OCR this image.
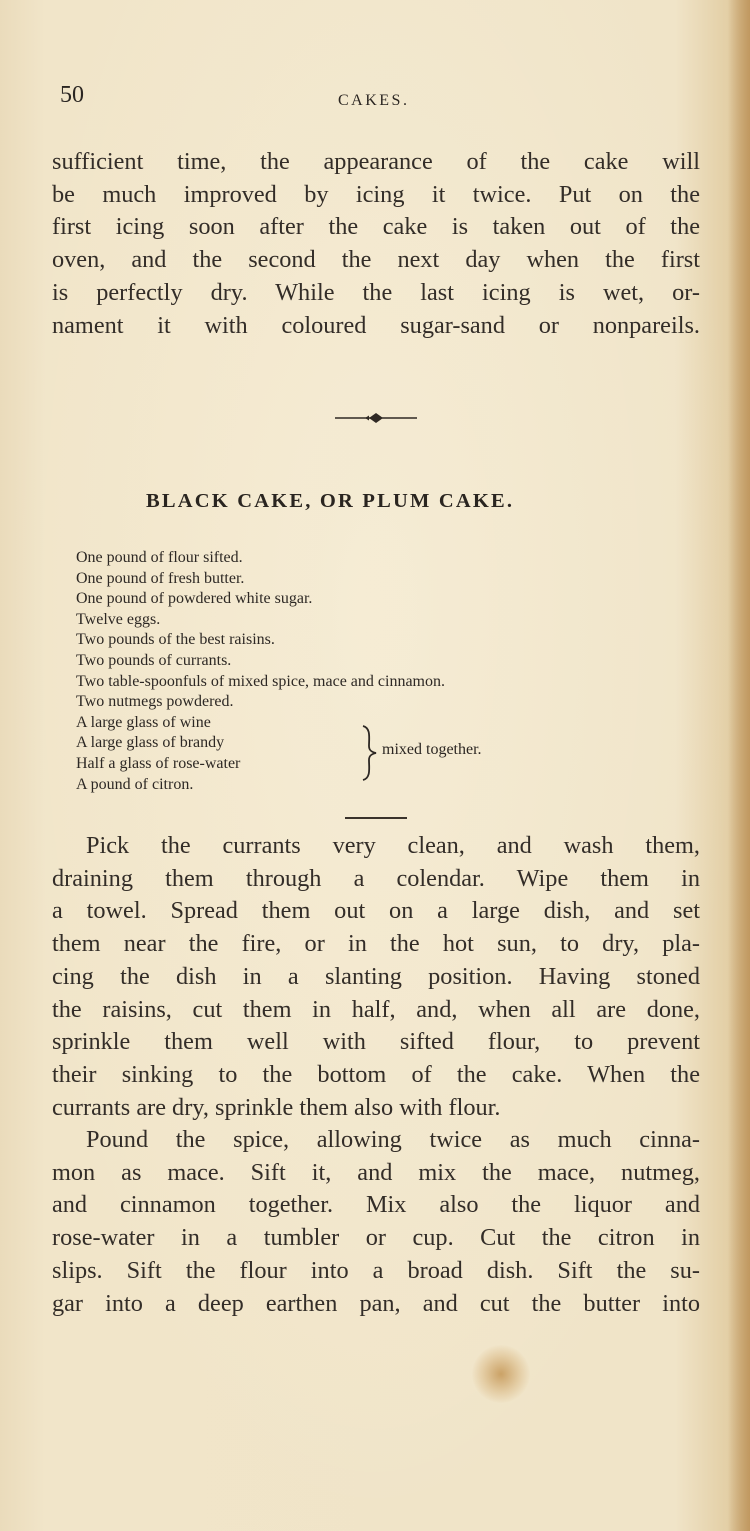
50	CAKES.
sufficient time, the appearance of the cake will
be much improved by icing it twice. Put on the
first icing soon after the cake is taken out of the
oven, and the second the next day when the first
is perfectly dry. While the last icing is wet, or-
nament it with coloured sugar-sand or nonpareils.
BLACK CAKE, OR PLUM CAKE.
One pound of flour sifted.
One pound of fresh butter.
One pound of powdered white sugar.
Twelve eggs.
Two pounds of the best raisins.
Two pounds of currants.
Two table-spoonfuls of mixed spice, mace and cinnamon.
Two nutmegs powdered.
A large glass of wine
A large glass of brandy
Half a glass of rose-water
A pound of citron.
mixed together.
Pick the currants very clean, and wash them,
draining them through a colendar. Wipe them in
a towel. Spread them out on a large dish, and set
them near the fire, or in the hot sun, to dry, pla-
cing the dish in a slanting position. Having stoned
the raisins, cut them in half, and, when all are done,
sprinkle them well with sifted flour, to prevent
their sinking to the bottom of the cake. When the
currants are dry, sprinkle them also with flour.
Pound the spice, allowing twice as much cinna-
mon as mace. Sift it, and mix the mace, nutmeg,
and cinnamon together. Mix also the liquor and
rose-water in a tumbler or cup. Cut the citron in
slips. Sift the flour into a broad dish. Sift the su-
gar into a deep earthen pan, and cut the butter into
